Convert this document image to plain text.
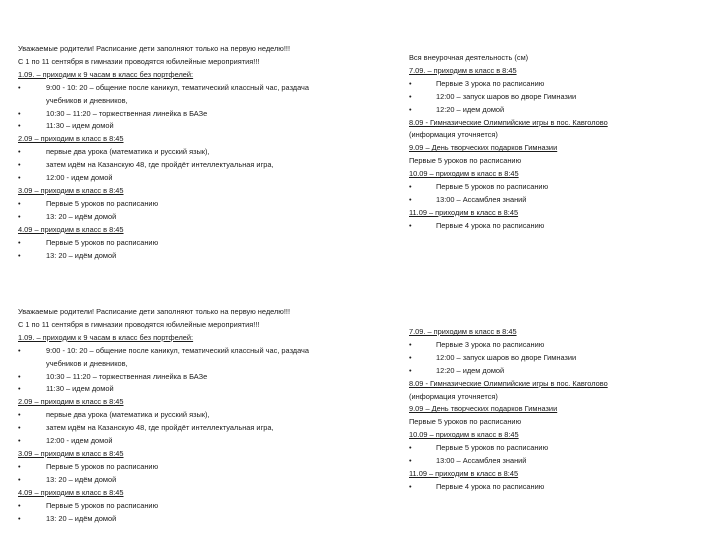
Уважаемые родители! Расписание дети заполняют только на первую неделю!!!
С 1 по 11 сентября в гимназии проводятся юбилейные мероприятия!!!
1.09. – приходим к 9 часам в класс без портфелей:
•	9:00 - 10: 20 – общение после каникул, тематический классный час, раздача
учебников и дневников,
•	10:30 – 11:20 – торжественная линейка в БАЗе
•	11:30 – идем домой
2.09 – приходим в класс в 8:45
•	первые два урока (математика и русский язык),
•	затем идём на Казанскую 48, где пройдёт интеллектуальная игра,
•	12:00 - идем домой
3.09 – приходим в класс в 8:45
•	Первые 5 уроков по расписанию
•	13: 20 – идём домой
4.09 – приходим в класс в 8:45
•	Первые 5 уроков по расписанию
•	13: 20 – идём домой
Вся внеурочная деятельность (см)
7.09. – приходим в класс в 8:45
•	Первые 3 урока по расписанию
•	12:00 – запуск шаров во дворе Гимназии
•	12:20 – идем домой
8.09 - Гимназические Олимпийские игры в пос. Кавголово
(информация уточняется)
9.09 – День творческих подарков Гимназии
Первые 5 уроков по расписанию
10.09 – приходим в класс в 8:45
•	Первые 5 уроков по расписанию
•	13:00 – Ассамблея знаний
11.09 – приходим в класс в 8:45
•	Первые 4 урока по расписанию
Уважаемые родители! Расписание дети заполняют только на первую неделю!!!
С 1 по 11 сентября в гимназии проводятся юбилейные мероприятия!!!
1.09. – приходим к 9 часам в класс без портфелей:
•	9:00 - 10: 20 – общение после каникул, тематический классный час, раздача
учебников и дневников,
•	10:30 – 11:20 – торжественная линейка в БАЗе
•	11:30 – идем домой
2.09 – приходим в класс в 8:45
•	первые два урока (математика и русский язык),
•	затем идём на Казанскую 48, где пройдёт интеллектуальная игра,
•	12:00 - идем домой
3.09 – приходим в класс в 8:45
•	Первые 5 уроков по расписанию
•	13: 20 – идём домой
4.09 – приходим в класс в 8:45
•	Первые 5 уроков по расписанию
•	13: 20 – идём домой
7.09. – приходим в класс в 8:45
•	Первые 3 урока по расписанию
•	12:00 – запуск шаров во дворе Гимназии
•	12:20 – идем домой
8.09 - Гимназические Олимпийские игры в пос. Кавголово
(информация уточняется)
9.09 – День творческих подарков Гимназии
Первые 5 уроков по расписанию
10.09 – приходим в класс в 8:45
•	Первые 5 уроков по расписанию
•	13:00 – Ассамблея знаний
11.09 – приходим в класс в 8:45
•	Первые 4 урока по расписанию
